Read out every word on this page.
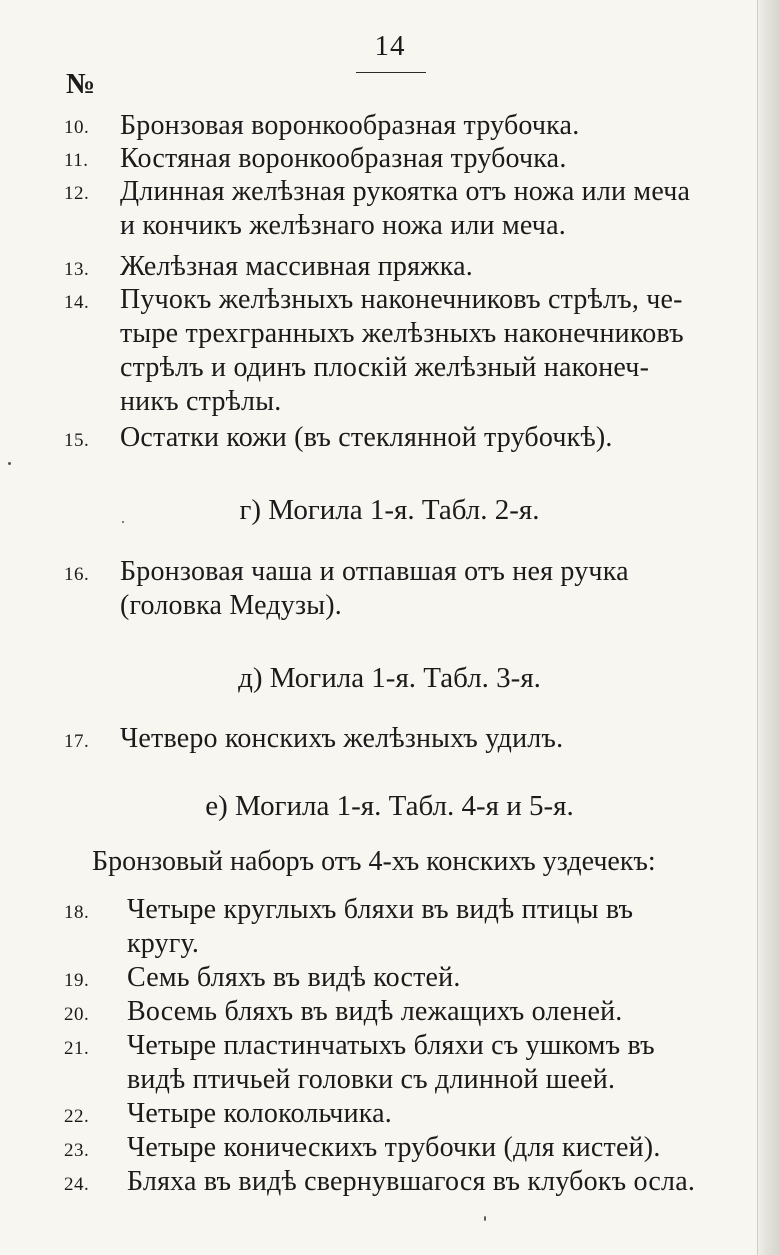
14
№
10. Бронзовая воронкообразная трубочка.
11. Костяная воронкообразная трубочка.
12. Длинная желѣзная рукоятка отъ ножа или меча
и кончикъ желѣзнаго ножа или меча.
13. Желѣзная массивная пряжка.
14. Пучокъ желѣзныхъ наконечниковъ стрѣлъ, че-
тыре трехгранныхъ желѣзныхъ наконечниковъ
стрѣлъ и одинъ плоскій желѣзный наконеч-
никъ стрѣлы.
15. Остатки кожи (въ стеклянной трубочкѣ).
г) Могила 1-я. Табл. 2-я.
16. Бронзовая чаша и отпавшая отъ нея ручка
(головка Медузы).
д) Могила 1-я. Табл. 3-я.
17. Четверо конскихъ желѣзныхъ удилъ.
е) Могила 1-я. Табл. 4-я и 5-я.
Бронзовый наборъ отъ 4-хъ конскихъ уздечекъ:
18. Четыре круглыхъ бляхи въ видѣ птицы въ
кругу.
19. Семь бляхъ въ видѣ костей.
20. Восемь бляхъ въ видѣ лежащихъ оленей.
21. Четыре пластинчатыхъ бляхи съ ушкомъ въ
видѣ птичьей головки съ длинной шеей.
22. Четыре колокольчика.
23. Четыре коническихъ трубочки (для кистей).
24. Бляха въ видѣ свернувшагося въ клубокъ осла.
